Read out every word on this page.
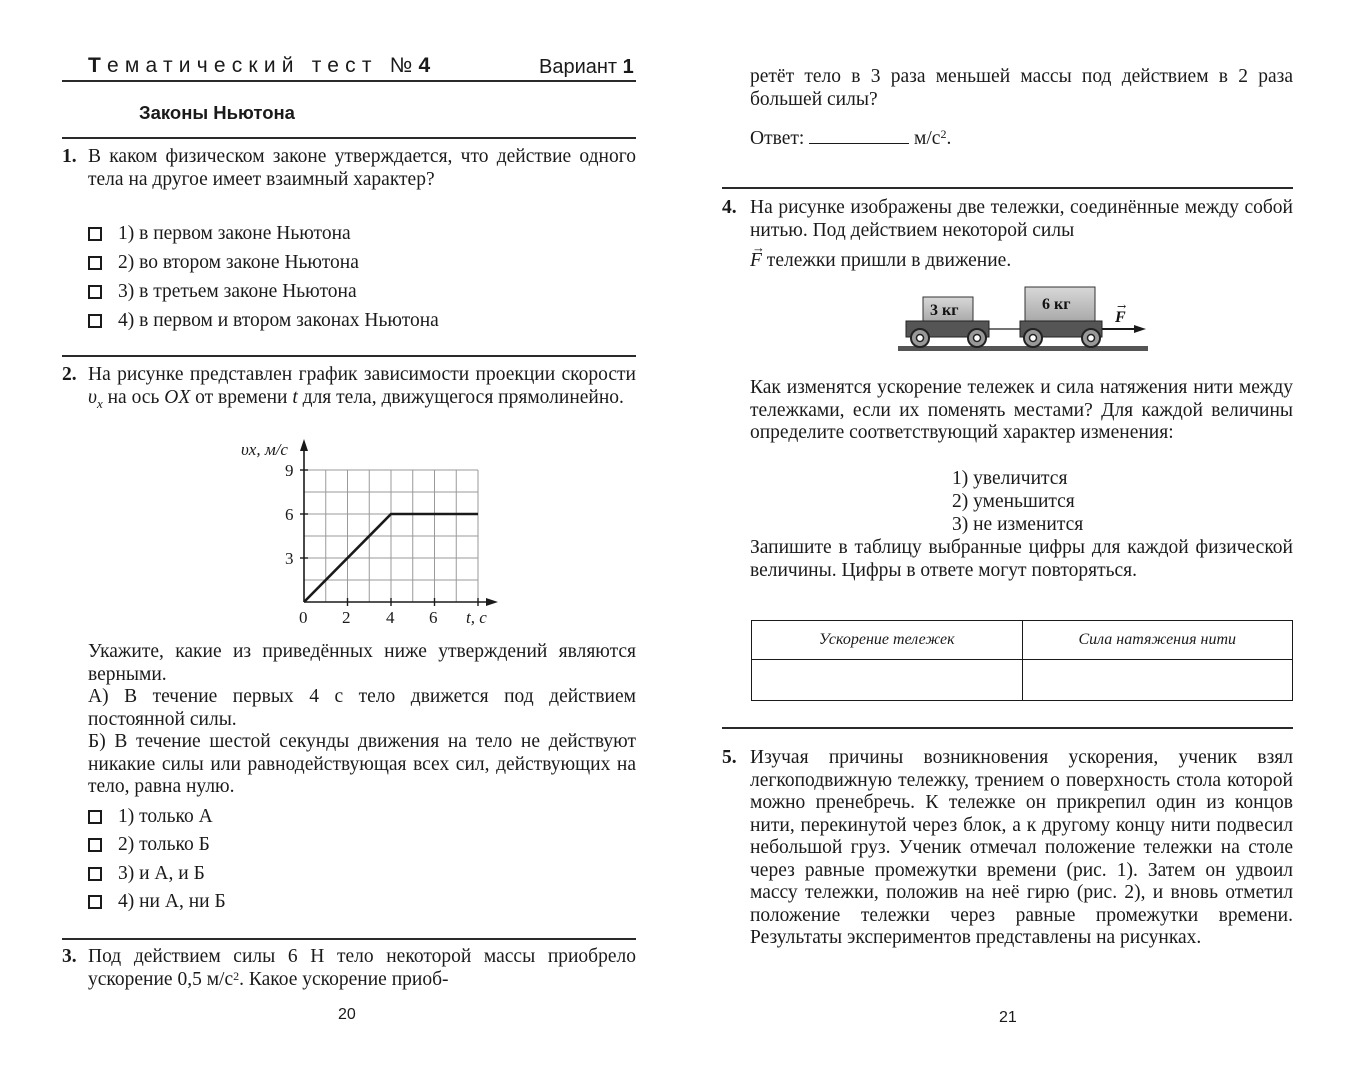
Тематический тест №4	Вариант 1
Законы Ньютона
1. В каком физическом законе утверждается, что действие одного тела на другое имеет взаимный характер?
1) в первом законе Ньютона
2) во втором законе Ньютона
3) в третьем законе Ньютона
4) в первом и втором законах Ньютона
2. На рисунке представлен график зависимости проекции скорости $\upsilon_x$ на ось OX от времени t для тела, движущегося прямолинейно.
9
6
3
0 2 4 6 t, с
υx, м/с
Укажите, какие из приведённых ниже утверждений являются верными.
А) В течение первых 4 с тело движется под действием постоянной силы.
Б) В течение шестой секунды движения на тело не действуют никакие силы или равнодействующая всех сил, действующих на тело, равна нулю.
1) только А
2) только Б
3) и А, и Б
4) ни А, ни Б
3. Под действием силы 6 Н тело некоторой массы приобрело ускорение 0,5 $м/с^2$. Какое ускорение приоб-
20
ретёт тело в 3 раза меньшей массы под действием в 2 раза большей силы?
Ответ:	$м/с^2$.
4. На рисунке изображены две тележки, соединённые между собой нитью. Под действием некоторой силы
→
F тележки пришли в движение.
3 кг	6 кг
F
→
Как изменятся ускорение тележек и сила натяжения нити между тележками, если их поменять местами? Для каждой величины определите соответствующий характер изменения:
1) увеличится
2) уменьшится
3) не изменится
Запишите в таблицу выбранные цифры для каждой физической величины. Цифры в ответе могут повторяться.
Ускорение тележек	Сила натяжения нити

5. Изучая причины возникновения ускорения, ученик взял легкоподвижную тележку, трением о поверхность стола которой можно пренебречь. К тележке он прикрепил один из концов нити, перекинутой через блок, а к другому концу нити подвесил небольшой груз. Ученик отмечал положение тележки на столе через равные промежутки времени (рис. 1). Затем он удвоил массу тележки, положив на неё гирю (рис. 2), и вновь отметил положение тележки через равные промежутки времени. Результаты экспериментов представлены на рисунках.
21
